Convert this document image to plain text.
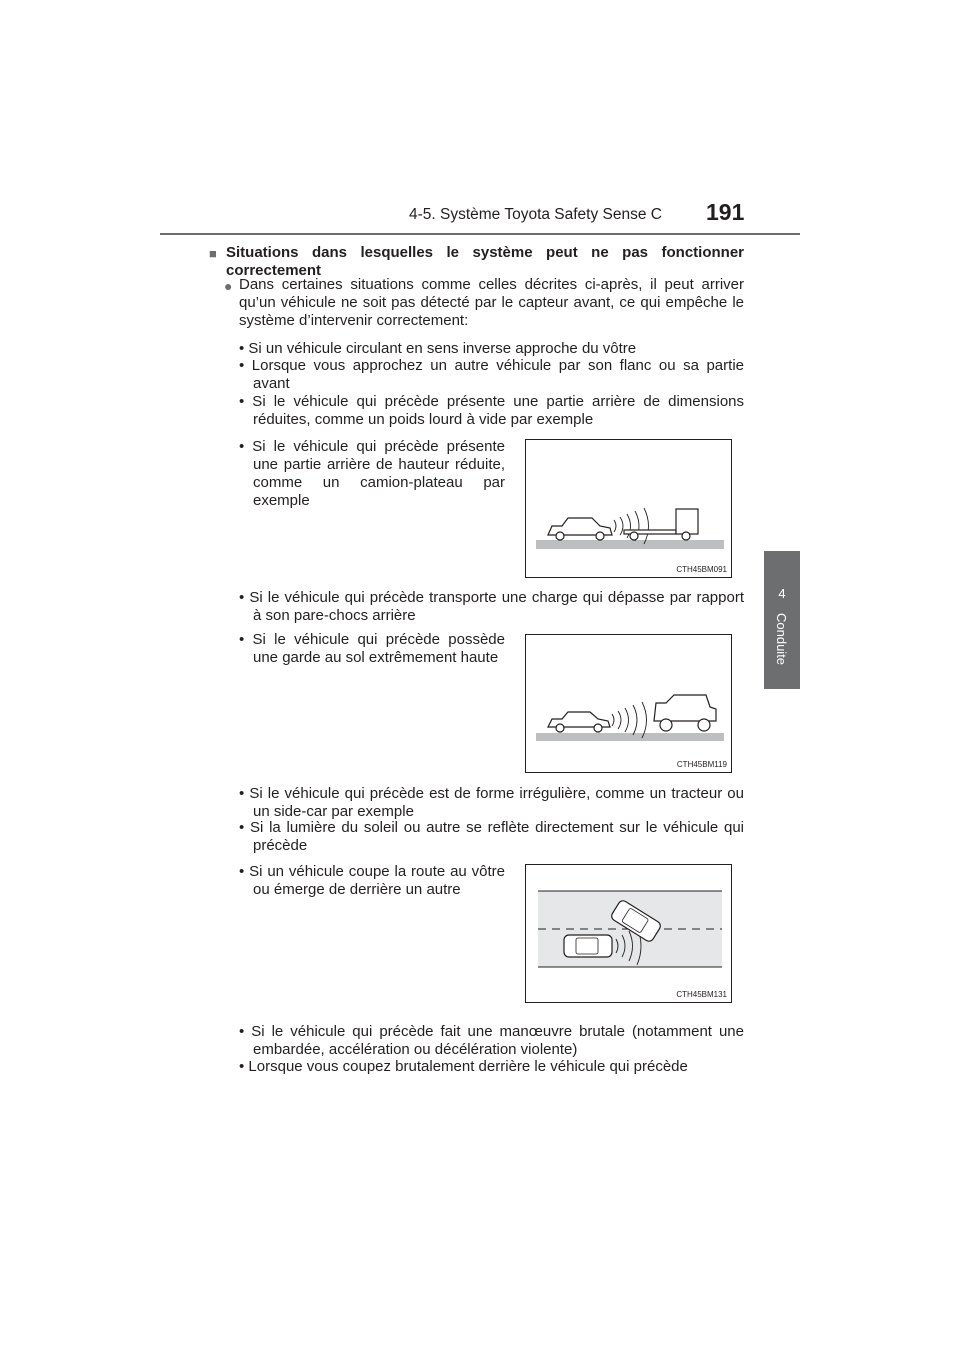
4-5. Système Toyota Safety Sense C 191
4
Conduite
■ Situations dans lesquelles le système peut ne pas fonctionner correctement

● Dans certaines situations comme celles décrites ci-après, il peut arriver qu’un véhicule ne soit pas détecté par le capteur avant, ce qui empêche le système d’intervenir correctement:

• Si un véhicule circulant en sens inverse approche du vôtre

• Lorsque vous approchez un autre véhicule par son flanc ou sa partie avant

• Si le véhicule qui précède présente une partie arrière de dimensions réduites, comme un poids lourd à vide par exemple

• Si le véhicule qui précède présente une partie arrière de hauteur réduite, comme un camion-plateau par exemple

• Si le véhicule qui précède transporte une charge qui dépasse par rapport à son pare-chocs arrière

• Si le véhicule qui précède possède une garde au sol extrêmement haute

• Si le véhicule qui précède est de forme irrégulière, comme un tracteur ou un side-car par exemple

• Si la lumière du soleil ou autre se reflète directement sur le véhicule qui précède

• Si un véhicule coupe la route au vôtre ou émerge de derrière un autre

• Si le véhicule qui précède fait une manœuvre brutale (notamment une embardée, accélération ou décélération violente)

• Lorsque vous coupez brutalement derrière le véhicule qui précède

CTH45BM091
CTH45BM119
CTH45BM131
